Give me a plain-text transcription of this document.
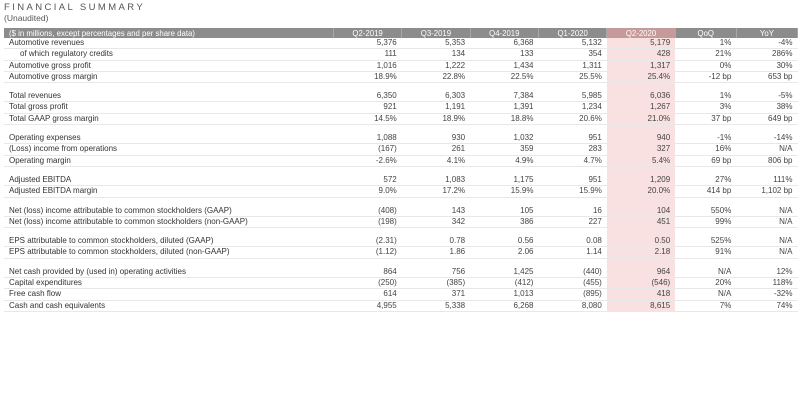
FINANCIAL SUMMARY
(Unaudited)
($ in millions, except percentages and per share data)	Q2-2019	Q3-2019	Q4-2019	Q1-2020	Q2-2020	QoQ	YoY
Automotive revenues	5,376	5,353	6,368	5,132	5,179	1%	-4%
of which regulatory credits	111	134	133	354	428	21%	286%
Automotive gross profit	1,016	1,222	1,434	1,311	1,317	0%	30%
Automotive gross margin	18.9%	22.8%	22.5%	25.5%	25.4%	-12 bp	653 bp

Total revenues	6,350	6,303	7,384	5,985	6,036	1%	-5%
Total gross profit	921	1,191	1,391	1,234	1,267	3%	38%
Total GAAP gross margin	14.5%	18.9%	18.8%	20.6%	21.0%	37 bp	649 bp

Operating expenses	1,088	930	1,032	951	940	-1%	-14%
(Loss) income from operations	(167)	261	359	283	327	16%	N/A
Operating margin	-2.6%	4.1%	4.9%	4.7%	5.4%	69 bp	806 bp

Adjusted EBITDA	572	1,083	1,175	951	1,209	27%	111%
Adjusted EBITDA margin	9.0%	17.2%	15.9%	15.9%	20.0%	414 bp	1,102 bp

Net (loss) income attributable to common stockholders (GAAP)	(408)	143	105	16	104	550%	N/A
Net (loss) income attributable to common stockholders (non-GAAP)	(198)	342	386	227	451	99%	N/A

EPS attributable to common stockholders, diluted (GAAP)	(2.31)	0.78	0.56	0.08	0.50	525%	N/A
EPS attributable to common stockholders, diluted (non-GAAP)	(1.12)	1.86	2.06	1.14	2.18	91%	N/A

Net cash provided by (used in) operating activities	864	756	1,425	(440)	964	N/A	12%
Capital expenditures	(250)	(385)	(412)	(455)	(546)	20%	118%
Free cash flow	614	371	1,013	(895)	418	N/A	-32%
Cash and cash equivalents	4,955	5,338	6,268	8,080	8,615	7%	74%
